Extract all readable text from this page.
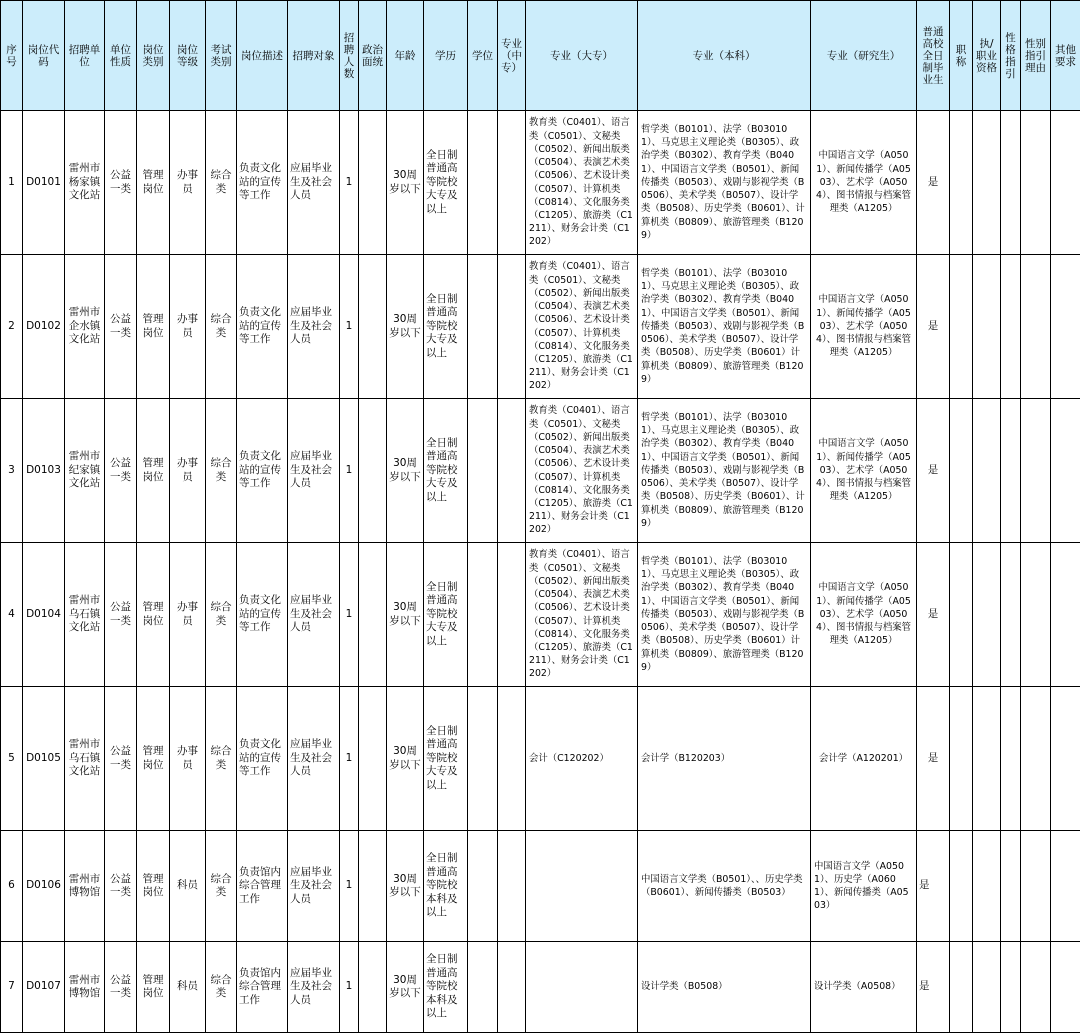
序号	岗位代码	招聘单位	单位性质	岗位类别	岗位等级	考试类别	岗位描述	招聘对象	招聘人数	政治面统	年龄	学历	学位	专业（中专）	专业（大专）	专业（本科）	专业（研究生）	普通高校全日制毕业生	职称	执/职业资格	性格指引	性别指引理由	其他要求
1	D0101	雷州市杨家镇文化站	公益一类	管理岗位	办事员	综合类	负责文化站的宣传等工作	应届毕业生及社会人员	1		30周岁以下	全日制普通高等院校大专及以上			教育类（C0401）、语言类（C0501）、文秘类（C0502）、新闻出版类（C0504）、表演艺术类（C0506）、艺术设计类（C0507）、计算机类（C0814）、文化服务类（C1205）、旅游类（C1211）、财务会计类（C1202）	哲学类（B0101）、法学（B030101）、马克思主义理论类（B0305）、政治学类（B0302）、教育学类（B0401）、中国语言文学类（B0501）、新闻传播类（B0503）、戏剧与影视学类（B0506）、美术学类（B0507）、设计学类（B0508）、历史学类（B0601）、计算机类（B0809）、旅游管理类（B1209）	中国语言文学（A0501）、新闻传播学（A0503）、艺术学（A0504）、图书情报与档案管理类（A1205）	是					
2	D0102	雷州市企水镇文化站	公益一类	管理岗位	办事员	综合类	负责文化站的宣传等工作	应届毕业生及社会人员	1		30周岁以下	全日制普通高等院校大专及以上			教育类（C0401）、语言类（C0501）、文秘类（C0502）、新闻出版类（C0504）、表演艺术类（C0506）、艺术设计类（C0507）、计算机类（C0814）、文化服务类（C1205）、旅游类（C1211）、财务会计类（C1202）	哲学类（B0101）、法学（B030101）、马克思主义理论类（B0305）、政治学类（B0302）、教育学类（B0401）、中国语言文学类（B0501）、新闻传播类（B0503）、戏剧与影视学类（B0506）、美术学类（B0507）、设计学类（B0508）、历史学类（B0601）计算机类（B0809）、旅游管理类（B1209）	中国语言文学（A0501）、新闻传播学（A0503）、艺术学（A0504）、图书情报与档案管理类（A1205）	是					
3	D0103	雷州市纪家镇文化站	公益一类	管理岗位	办事员	综合类	负责文化站的宣传等工作	应届毕业生及社会人员	1		30周岁以下	全日制普通高等院校大专及以上			教育类（C0401）、语言类（C0501）、文秘类（C0502）、新闻出版类（C0504）、表演艺术类（C0506）、艺术设计类（C0507）、计算机类（C0814）、文化服务类（C1205）、旅游类（C1211）、财务会计类（C1202）	哲学类（B0101）、法学（B030101）、马克思主义理论类（B0305）、政治学类（B0302）、教育学类（B0401）、中国语言文学类（B0501）、新闻传播类（B0503）、戏剧与影视学类（B0506）、美术学类（B0507）、设计学类（B0508）、历史学类（B0601）、计算机类（B0809）、旅游管理类（B1209）	中国语言文学（A0501）、新闻传播学（A0503）、艺术学（A0504）、图书情报与档案管理类（A1205）	是					
4	D0104	雷州市乌石镇文化站	公益一类	管理岗位	办事员	综合类	负责文化站的宣传等工作	应届毕业生及社会人员	1		30周岁以下	全日制普通高等院校大专及以上			教育类（C0401）、语言类（C0501）、文秘类（C0502）、新闻出版类（C0504）、表演艺术类（C0506）、艺术设计类（C0507）、计算机类（C0814）、文化服务类（C1205）、旅游类（C1211）、财务会计类（C1202）	哲学类（B0101）、法学（B030101）、马克思主义理论类（B0305）、政治学类（B0302）、教育学类（B0401）、中国语言文学类（B0501）、新闻传播类（B0503）、戏剧与影视学类（B0506）、美术学类（B0507）、设计学类（B0508）、历史学类（B0601）计算机类（B0809）、旅游管理类（B1209）	中国语言文学（A0501）、新闻传播学（A0503）、艺术学（A0504）、图书情报与档案管理类（A1205）	是					
5	D0105	雷州市乌石镇文化站	公益一类	管理岗位	办事员	综合类	负责文化站的宣传等工作	应届毕业生及社会人员	1		30周岁以下	全日制普通高等院校大专及以上			会计（C120202）	会计学（B120203）	会计学（A120201）	是					
6	D0106	雷州市博物馆	公益一类	管理岗位	科员	综合类	负责馆内综合管理工作	应届毕业生及社会人员	1		30周岁以下	全日制普通高等院校本科及以上				中国语言文学类（B0501）、、历史学类（B0601）、新闻传播类（B0503）	中国语言文学（A0501）、历史学（A0601）、新闻传播类（A0503）	是					
7	D0107	雷州市博物馆	公益一类	管理岗位	科员	综合类	负责馆内综合管理工作	应届毕业生及社会人员	1		30周岁以下	全日制普通高等院校本科及以上				设计学类（B0508）	设计学类（A0508）	是					
